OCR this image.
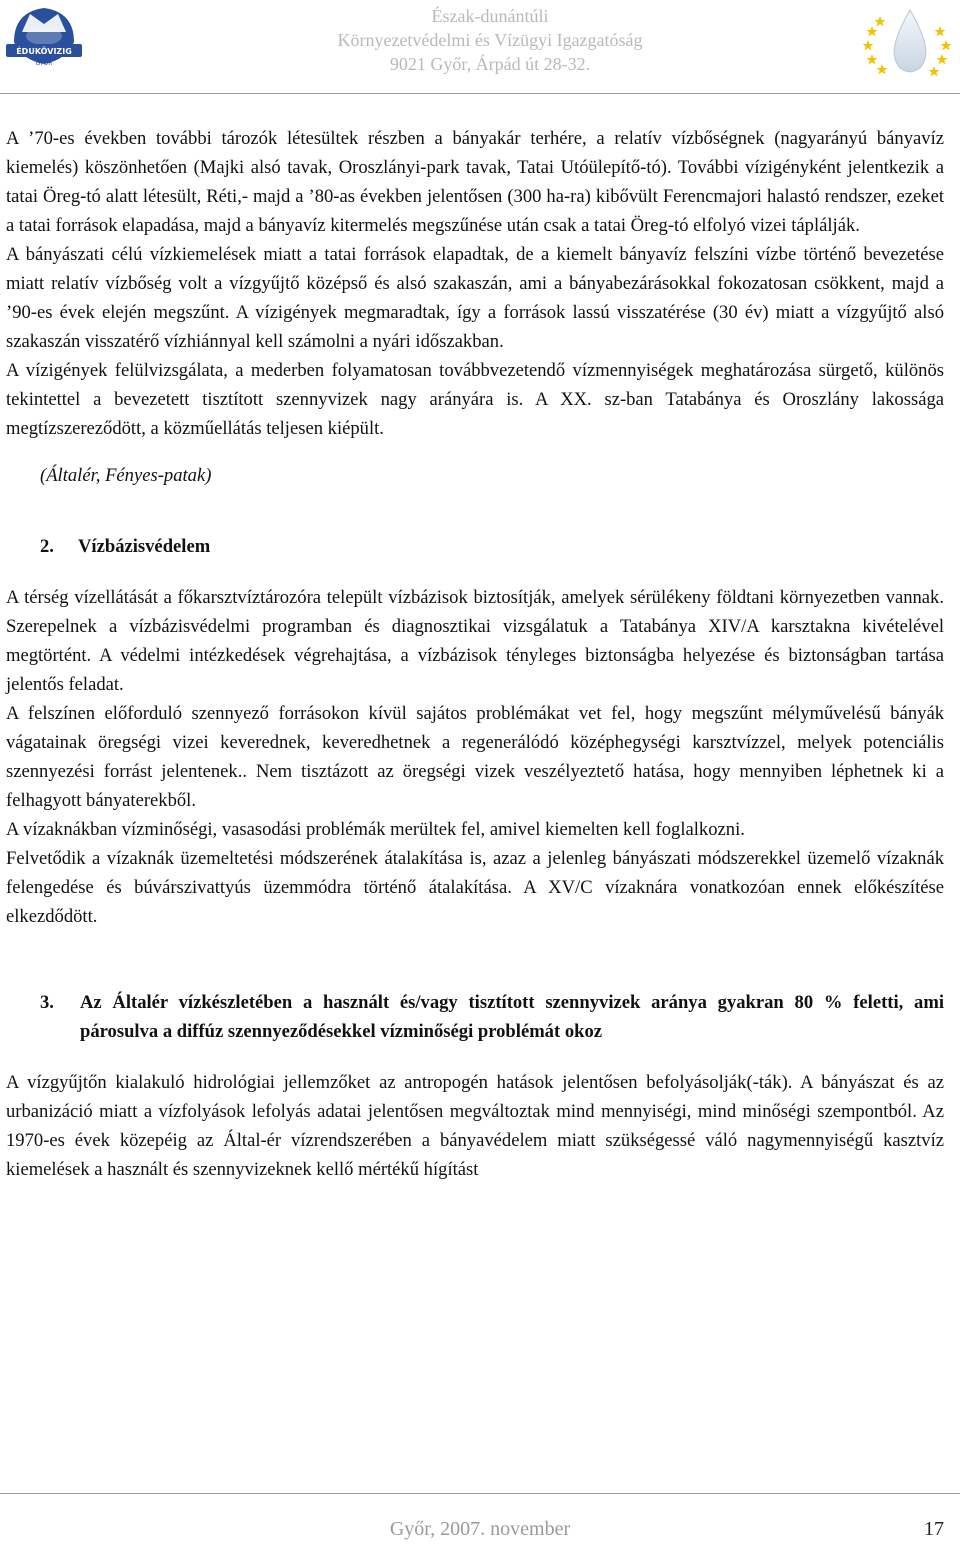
ÉDUKÖVIZIG
GYŐR
Észak-dunántúli
Környezetvédelmi és Vízügyi Igazgatóság
9021 Győr, Árpád út 28-32.

A ’70-es években további tározók létesültek részben a bányakár terhére, a relatív vízbőségnek (nagyarányú bányavíz kiemelés) köszönhetően (Majki alsó tavak, Oroszlányi-park tavak, Tatai Utóülepítő-tó). További vízigényként jelentkezik a tatai Öreg-tó alatt létesült, Réti,- majd a ’80-as években jelentősen (300 ha-ra) kibővült Ferencmajori halastó rendszer, ezeket a tatai források elapadása, majd a bányavíz kitermelés megszűnése után csak a tatai Öreg-tó elfolyó vizei táplálják.

A bányászati célú vízkiemelések miatt a tatai források elapadtak, de a kiemelt bányavíz felszíni vízbe történő bevezetése miatt relatív vízbőség volt a vízgyűjtő középső és alsó szakaszán, ami a bányabezárásokkal fokozatosan csökkent, majd a ’90-es évek elején megszűnt. A vízigények megmaradtak, így a források lassú visszatérése (30 év) miatt a vízgyűjtő alsó szakaszán visszatérő vízhiánnyal kell számolni a nyári időszakban.

A vízigények felülvizsgálata, a mederben folyamatosan továbbvezetendő vízmennyiségek meghatározása sürgető, különös tekintettel a bevezetett tisztított szennyvizek nagy arányára is. A XX. sz-ban Tatabánya és Oroszlány lakossága megtízszereződött, a közműellátás teljesen kiépült.

(Általér, Fényes-patak)

2. Vízbázisvédelem

A térség vízellátását a főkarsztvíztározóra települt vízbázisok biztosítják, amelyek sérülékeny földtani környezetben vannak. Szerepelnek a vízbázisvédelmi programban és diagnosztikai vizsgálatuk a Tatabánya XIV/A karsztakna kivételével megtörtént. A védelmi intézkedések végrehajtása, a vízbázisok tényleges biztonságba helyezése és biztonságban tartása jelentős feladat.

A felszínen előforduló szennyező forrásokon kívül sajátos problémákat vet fel, hogy megszűnt mélyművelésű bányák vágatainak öregségi vizei keverednek, keveredhetnek a regenerálódó középhegységi karsztvízzel, melyek potenciális szennyezési forrást jelentenek.. Nem tisztázott az öregségi vizek veszélyeztető hatása, hogy mennyiben léphetnek ki a felhagyott bányaterekből.

A vízaknákban vízminőségi, vasasodási problémák merültek fel, amivel kiemelten kell foglalkozni.

Felvetődik a vízaknák üzemeltetési módszerének átalakítása is, azaz a jelenleg bányászati módszerekkel üzemelő vízaknák felengedése és búvárszivattyús üzemmódra történő átalakítása. A XV/C vízaknára vonatkozóan ennek előkészítése elkezdődött.

3.	Az Általér vízkészletében a használt és/vagy tisztított szennyvizek aránya gyakran 80 % feletti, ami párosulva a diffúz szennyeződésekkel vízminőségi problémát okoz

A vízgyűjtőn kialakuló hidrológiai jellemzőket az antropogén hatások jelentősen befolyásolják(-ták). A bányászat és az urbanizáció miatt a vízfolyások lefolyás adatai jelentősen megváltoztak mind mennyiségi, mind minőségi szempontból. Az 1970-es évek közepéig az Által-ér vízrendszerében a bányavédelem miatt szükségessé váló nagymennyiségű kasztvíz kiemelések a használt és szennyvizeknek kellő mértékű hígítást

Győr, 2007. november	17
